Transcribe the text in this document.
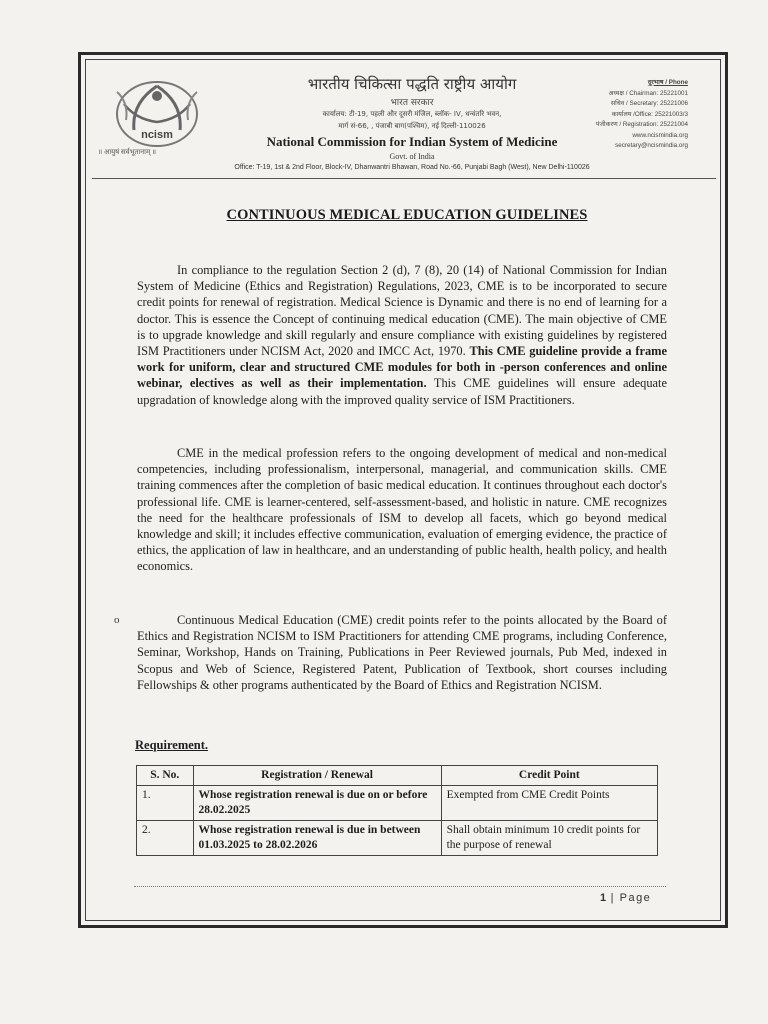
ncism
॥ आयुषं सर्वभूतानाम् ॥
भारतीय चिकित्सा पद्धति राष्ट्रीय आयोग
भारत सरकार
कार्यालय: टी-19, पहली और दूसरी मंजिल, ब्लॉक- IV, धन्वंतरि भवन,
मार्ग सं-66, , पंजाबी बाग(पश्चिम), नई दिल्ली-110026
National Commission for Indian System of Medicine
Govt. of India
Office: T-19, 1st & 2nd Floor, Block-IV, Dhanwantri Bhawan, Road No.-66, Punjabi Bagh (West), New Delhi-110026
दूरभाष / Phone
अध्यक्ष / Chairman: 25221001
सचिव / Secretary: 25221006
कार्यालय /Office: 25221003/3
पंजीकरण / Registration: 25221004
www.ncismindia.org
secretary@ncismindia.org
CONTINUOUS MEDICAL EDUCATION GUIDELINES
In compliance to the regulation Section 2 (d), 7 (8), 20 (14) of National Commission for Indian System of Medicine (Ethics and Registration) Regulations, 2023, CME is to be incorporated to secure credit points for renewal of registration. Medical Science is Dynamic and there is no end of learning for a doctor. This is essence the Concept of continuing medical education (CME). The main objective of CME is to upgrade knowledge and skill regularly and ensure compliance with existing guidelines by registered ISM Practitioners under NCISM Act, 2020 and IMCC Act, 1970. This CME guideline provide a frame work for uniform, clear and structured CME modules for both in -person conferences and online webinar, electives as well as their implementation. This CME guidelines will ensure adequate upgradation of knowledge along with the improved quality service of ISM Practitioners.
CME in the medical profession refers to the ongoing development of medical and non-medical competencies, including professionalism, interpersonal, managerial, and communication skills. CME training commences after the completion of basic medical education. It continues throughout each doctor's professional life. CME is learner-centered, self-assessment-based, and holistic in nature. CME recognizes the need for the healthcare professionals of ISM to develop all facets, which go beyond medical knowledge and skill; it includes effective communication, evaluation of emerging evidence, the practice of ethics, the application of law in healthcare, and an understanding of public health, health policy, and health economics.
o	Continuous Medical Education (CME) credit points refer to the points allocated by the Board of Ethics and Registration NCISM to ISM Practitioners for attending CME programs, including Conference, Seminar, Workshop, Hands on Training, Publications in Peer Reviewed journals, Pub Med, indexed in Scopus and Web of Science, Registered Patent, Publication of Textbook, short courses including Fellowships & other programs authenticated by the Board of Ethics and Registration NCISM.
Requirement.
S. No.	Registration / Renewal	Credit Point
1.	Whose registration renewal is due on or before 28.02.2025	Exempted from CME Credit Points
2.	Whose registration renewal is due in between 01.03.2025 to 28.02.2026	Shall obtain minimum 10 credit points for the purpose of renewal
1 | Page
